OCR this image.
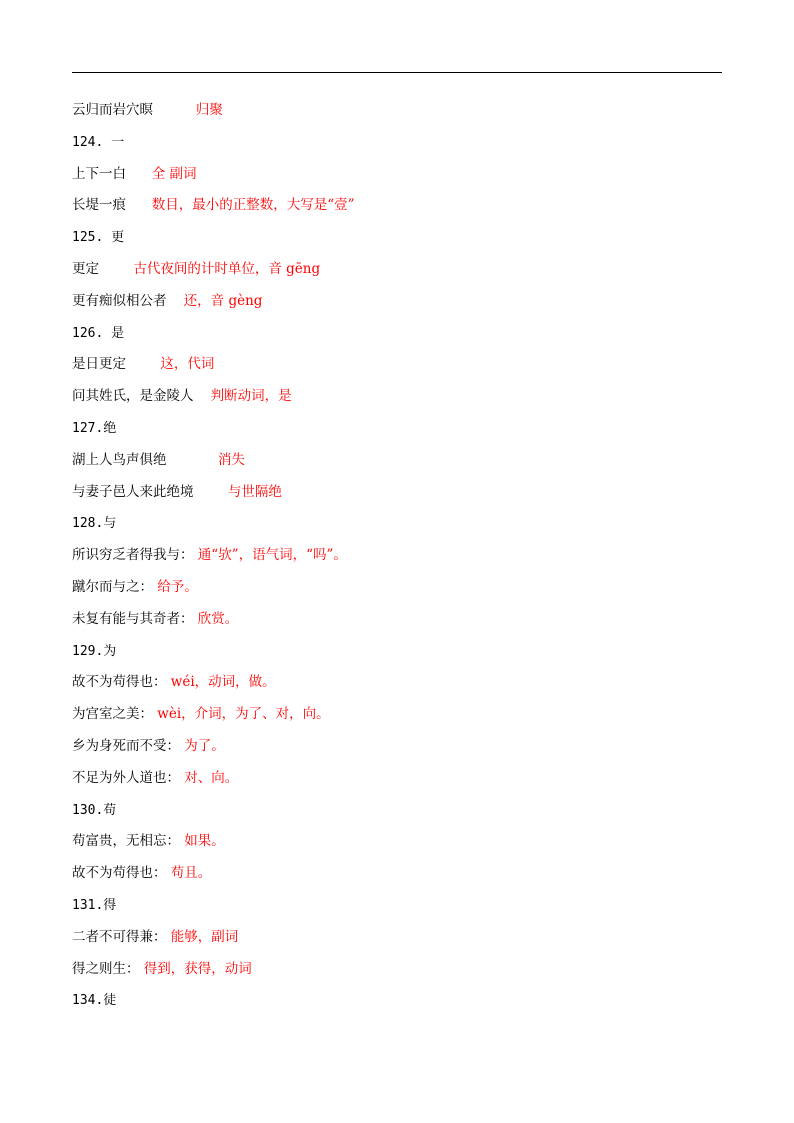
云归而岩穴暝	归聚
124. 一
上下一白 全 副词
长堤一痕 数目，最小的正整数，大写是“壹”
125. 更
更定	古代夜间的计时单位，音 gēng
更有痴似相公者 还，音 gèng
126. 是
是日更定	这，代词
问其姓氏，是金陵人 判断动词，是
127.绝
湖上人鸟声俱绝	消失
与妻子邑人来此绝境	与世隔绝
128.与
所识穷乏者得我与： 通“欤”，语气词，“吗”。
蹴尔而与之： 给予。
未复有能与其奇者： 欣赏。
129.为
故不为苟得也： wéi，动词，做。
为宫室之美： wèi，介词，为了、对，向。
乡为身死而不受： 为了。
不足为外人道也： 对、向。
130.苟
苟富贵，无相忘： 如果。
故不为苟得也： 苟且。
131.得
二者不可得兼： 能够，副词
得之则生： 得到，获得，动词
134.徒
